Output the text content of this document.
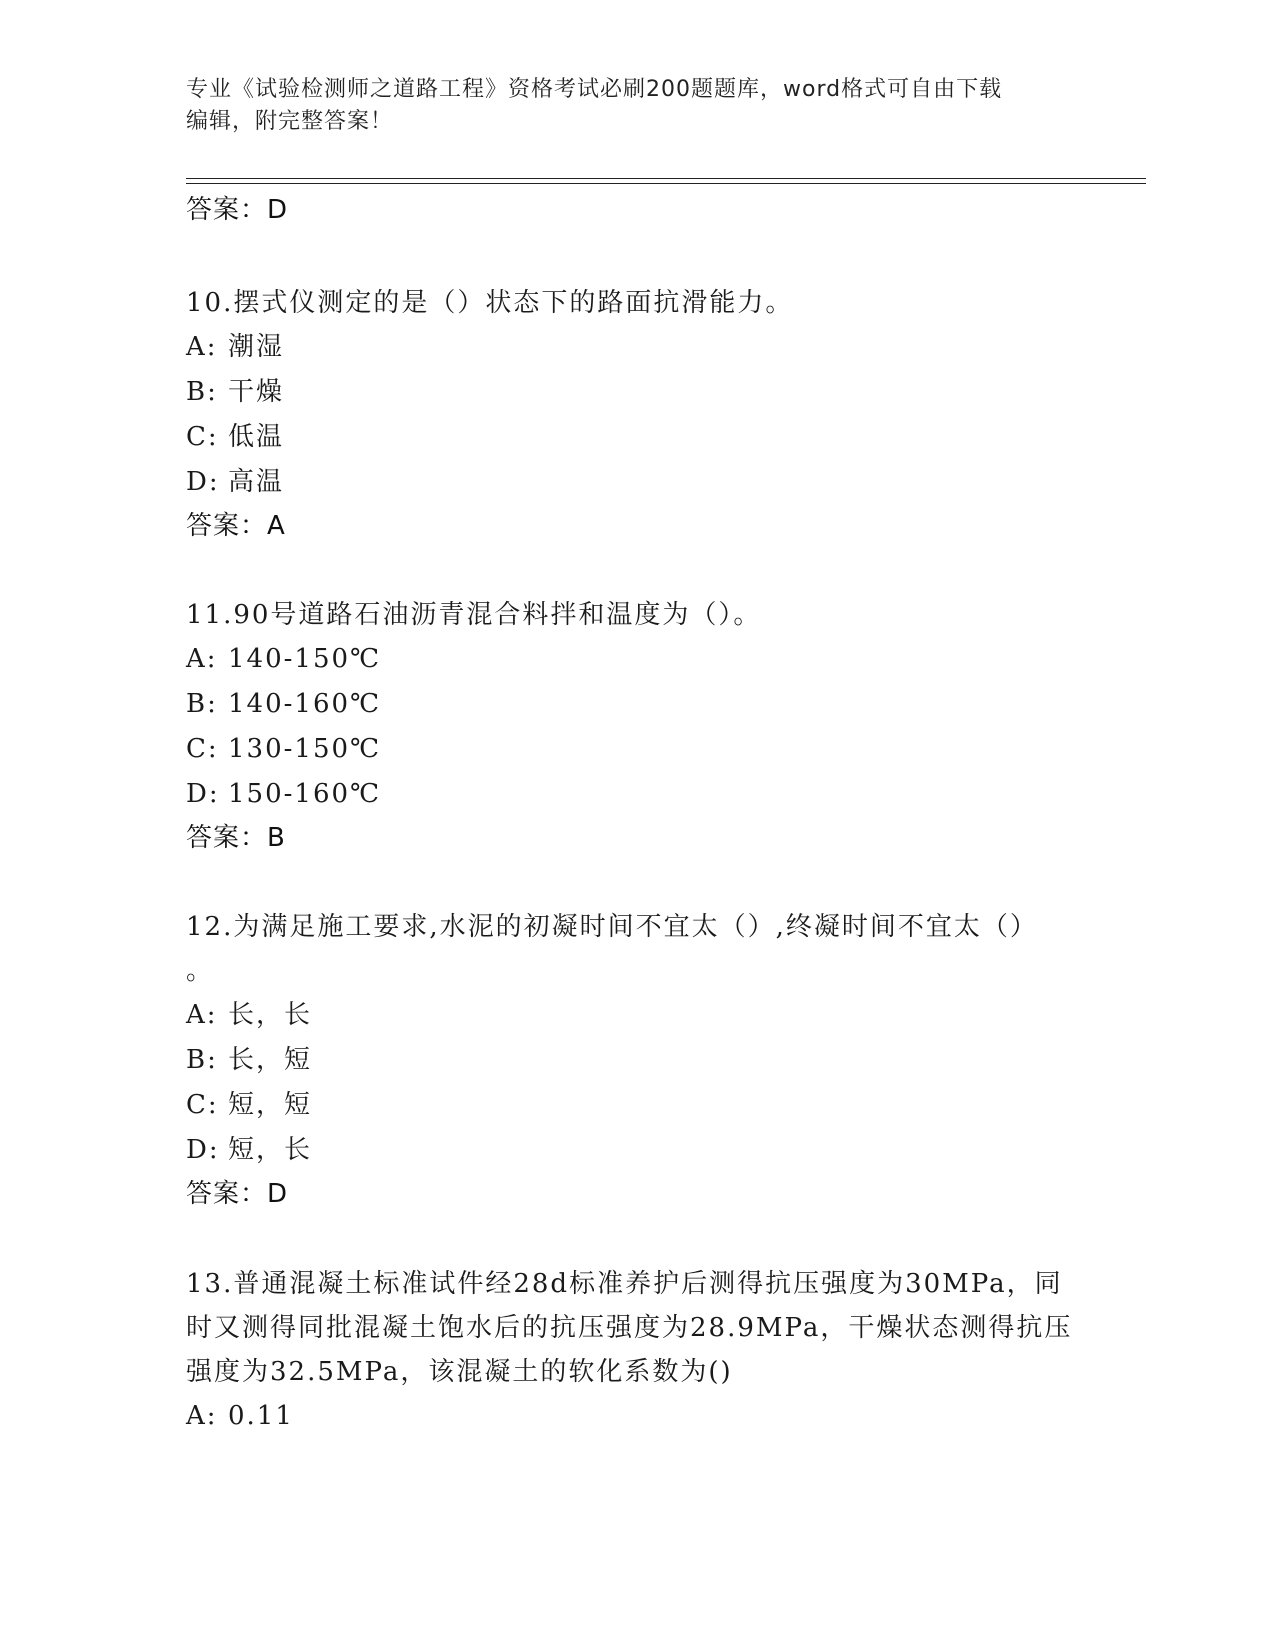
专业《试验检测师之道路工程》资格考试必刷200题题库，word格式可自由下载
编辑，附完整答案！
答案：D
10.摆式仪测定的是（）状态下的路面抗滑能力。
A: 潮湿
B: 干燥
C: 低温
D: 高温
答案：A
11.90号道路石油沥青混合料拌和温度为（）。
A: 140-150℃
B: 140-160℃
C: 130-150℃
D: 150-160℃
答案：B
12.为满足施工要求,水泥的初凝时间不宜太（）,终凝时间不宜太（）
。
A: 长，长
B: 长，短
C: 短，短
D: 短，长
答案：D
13.普通混凝土标准试件经28d标准养护后测得抗压强度为30MPa，同
时又测得同批混凝土饱水后的抗压强度为28.9MPa，干燥状态测得抗压
强度为32.5MPa，该混凝土的软化系数为()
A: 0.11
